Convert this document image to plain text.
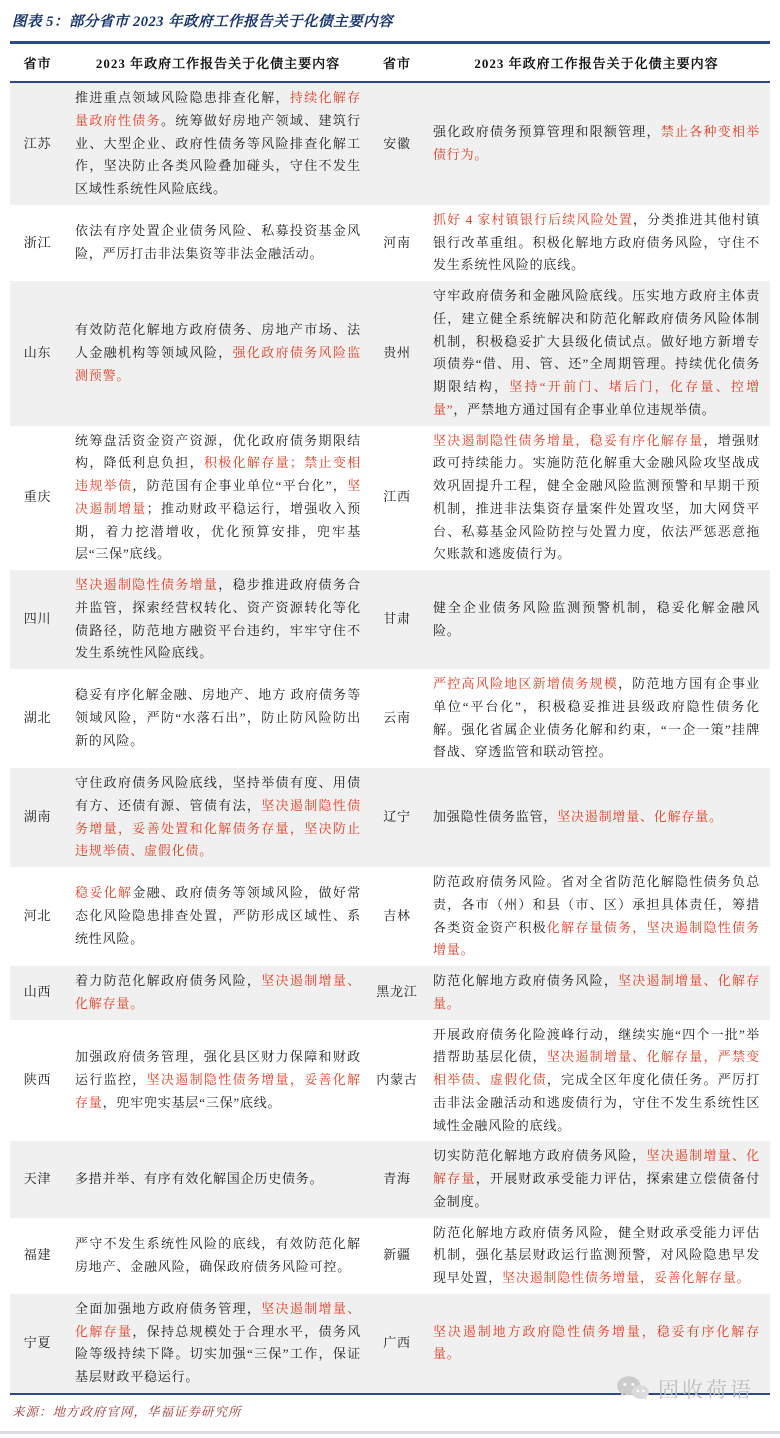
图表 5：部分省市 2023 年政府工作报告关于化债主要内容
省市	2023 年政府工作报告关于化债主要内容	省市	2023 年政府工作报告关于化债主要内容
江苏	推进重点领域风险隐患排查化解，持续化解存量政府性债务。统筹做好房地产领域、建筑行业、大型企业、政府性债务等风险排查化解工作，坚决防止各类风险叠加碰头，守住不发生区域性系统性风险底线。	安徽	强化政府债务预算管理和限额管理，禁止各种变相举债行为。
浙江	依法有序处置企业债务风险、私募投资基金风险，严厉打击非法集资等非法金融活动。	河南	抓好 4 家村镇银行后续风险处置，分类推进其他村镇银行改革重组。积极化解地方政府债务风险，守住不发生系统性风险的底线。
山东	有效防范化解地方政府债务、房地产市场、法人金融机构等领域风险，强化政府债务风险监测预警。	贵州	守牢政府债务和金融风险底线。压实地方政府主体责任，建立健全系统解决和防范化解政府债务风险体制机制，积极稳妥扩大县级化债试点。做好地方新增专项债券“借、用、管、还”全周期管理。持续优化债务期限结构，坚持“开前门、堵后门，化存量、控增量”，严禁地方通过国有企事业单位违规举债。
重庆	统筹盘活资金资产资源，优化政府债务期限结构，降低利息负担，积极化解存量；禁止变相违规举债，防范国有企事业单位“平台化”，坚决遏制增量；推动财政平稳运行，增强收入预期，着力挖潜增收，优化预算安排，兜牢基层“三保”底线。	江西	坚决遏制隐性债务增量，稳妥有序化解存量，增强财政可持续能力。实施防范化解重大金融风险攻坚战成效巩固提升工程，健全金融风险监测预警和早期干预机制，推进非法集资存量案件处置攻坚，加大网贷平台、私募基金风险防控与处置力度，依法严惩恶意拖欠账款和逃废债行为。
四川	坚决遏制隐性债务增量，稳步推进政府债务合并监管，探索经营权转化、资产资源转化等化债路径，防范地方融资平台违约，牢牢守住不发生系统性风险底线。	甘肃	健全企业债务风险监测预警机制，稳妥化解金融风险。
湖北	稳妥有序化解金融、房地产、地方 政府债务等领域风险，严防“水落石出”，防止防风险防出新的风险。	云南	严控高风险地区新增债务规模，防范地方国有企事业单位“平台化”，积极稳妥推进县级政府隐性债务化解。强化省属企业债务化解和约束，“一企一策”挂牌督战、穿透监管和联动管控。
湖南	守住政府债务风险底线，坚持举债有度、用债有方、还债有源、管债有法，坚决遏制隐性债务增量，妥善处置和化解债务存量，坚决防止违规举债、虚假化债。	辽宁	加强隐性债务监管，坚决遏制增量、化解存量。
河北	稳妥化解金融、政府债务等领域风险，做好常态化风险隐患排查处置，严防形成区域性、系统性风险。	吉林	防范政府债务风险。省对全省防范化解隐性债务负总责，各市（州）和县（市、区）承担具体责任，筹措各类资金资产积极化解存量债务，坚决遏制隐性债务增量。
山西	着力防范化解政府债务风险，坚决遏制增量、化解存量。	黑龙江	防范化解地方政府债务风险，坚决遏制增量、化解存量。
陕西	加强政府债务管理，强化县区财力保障和财政运行监控，坚决遏制隐性债务增量，妥善化解存量，兜牢兜实基层“三保”底线。	内蒙古	开展政府债务化险渡峰行动，继续实施“四个一批”举措帮助基层化债，坚决遏制增量、化解存量，严禁变相举债、虚假化债，完成全区年度化债任务。严厉打击非法金融活动和逃废债行为，守住不发生系统性区域性金融风险的底线。
天津	多措并举、有序有效化解国企历史债务。	青海	切实防范化解地方政府债务风险，坚决遏制增量、化解存量，开展财政承受能力评估，探索建立偿债备付金制度。
福建	严守不发生系统性风险的底线，有效防范化解房地产、金融风险，确保政府债务风险可控。	新疆	防范化解地方政府债务风险，健全财政承受能力评估机制，强化基层财政运行监测预警，对风险隐患早发现早处置，坚决遏制隐性债务增量，妥善化解存量。
宁夏	全面加强地方政府债务管理，坚决遏制增量、化解存量，保持总规模处于合理水平，债务风险等级持续下降。切实加强“三保”工作，保证基层财政平稳运行。	广西	坚决遏制地方政府隐性债务增量，稳妥有序化解存量。
来源：地方政府官网，华福证券研究所
固收荷语
